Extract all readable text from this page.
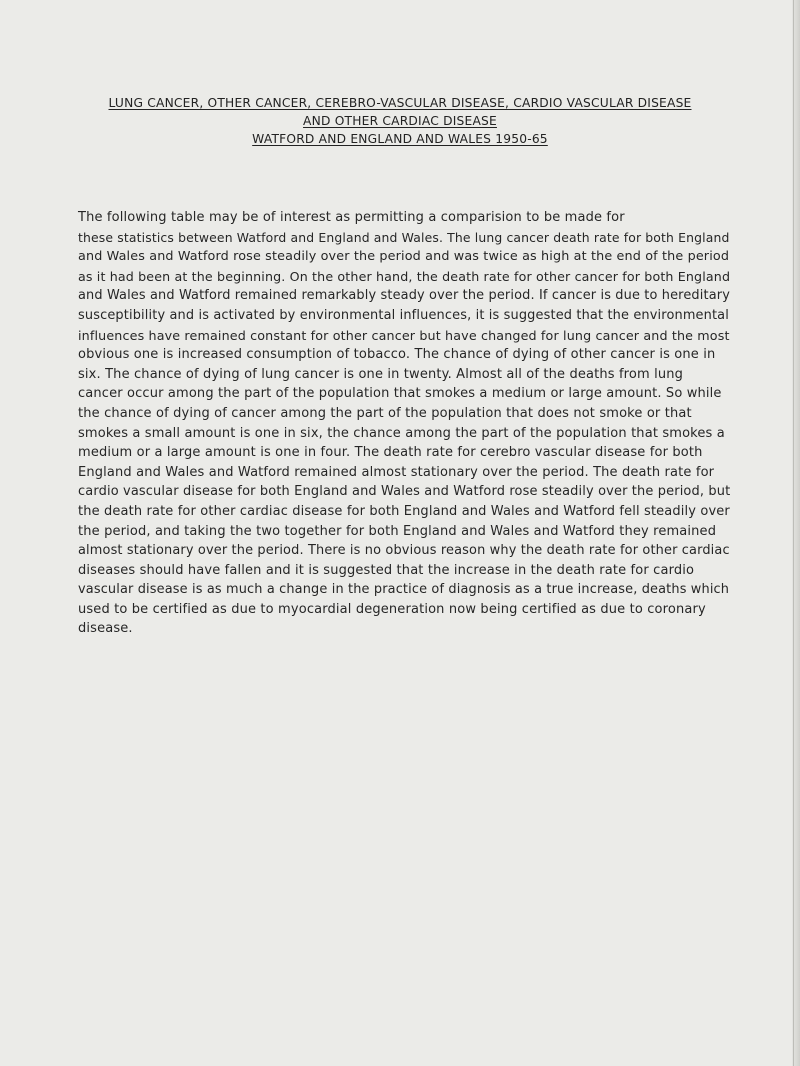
LUNG CANCER, OTHER CANCER, CEREBRO-VASCULAR DISEASE, CARDIO VASCULAR DISEASE
AND OTHER CARDIAC DISEASE
WATFORD AND ENGLAND AND WALES 1950-65
The following table may be of interest as permitting a comparision to be made for
these statistics between Watford and England and Wales. The lung cancer death rate for both England
and Wales and Watford rose steadily over the period and was twice as high at the end of the period
as it had been at the beginning. On the other hand, the death rate for other cancer for both England
and Wales and Watford remained remarkably steady over the period. If cancer is due to hereditary
susceptibility and is activated by environmental influences, it is suggested that the environmental
influences have remained constant for other cancer but have changed for lung cancer and the most
obvious one is increased consumption of tobacco. The chance of dying of other cancer is one in
six. The chance of dying of lung cancer is one in twenty. Almost all of the deaths from lung
cancer occur among the part of the population that smokes a medium or large amount. So while
the chance of dying of cancer among the part of the population that does not smoke or that
smokes a small amount is one in six, the chance among the part of the population that smokes a
medium or a large amount is one in four. The death rate for cerebro vascular disease for both
England and Wales and Watford remained almost stationary over the period. The death rate for
cardio vascular disease for both England and Wales and Watford rose steadily over the period, but
the death rate for other cardiac disease for both England and Wales and Watford fell steadily over
the period, and taking the two together for both England and Wales and Watford they remained
almost stationary over the period. There is no obvious reason why the death rate for other cardiac
diseases should have fallen and it is suggested that the increase in the death rate for cardio
vascular disease is as much a change in the practice of diagnosis as a true increase, deaths which
used to be certified as due to myocardial degeneration now being certified as due to coronary
disease.
